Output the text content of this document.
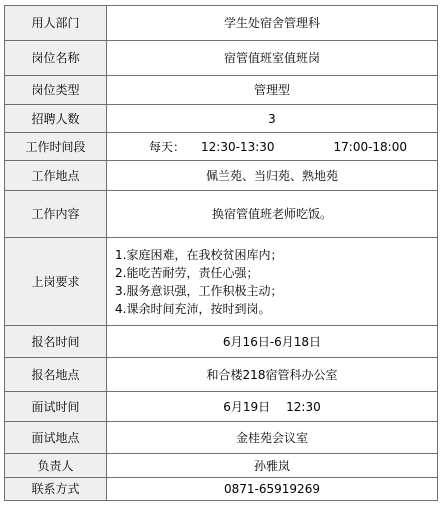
用人部门	学生处宿舍管理科
岗位名称	宿管值班室值班岗
岗位类型	管理型
招聘人数	3
工作时间段	每天： 12:30-13:30 17:00-18:00

工作地点	佩兰苑、当归苑、熟地苑
工作内容	换宿管值班老师吃饭。
上岗要求	1.家庭困难，在我校贫困库内；
2.能吃苦耐劳，责任心强；
3.服务意识强，工作积极主动；
4.课余时间充沛，按时到岗。

报名时间	6月16日-6月18日
报名地点	和合楼218宿管科办公室
面试时间	6月19日 12:30
面试地点	金桂苑会议室
负责人	孙雅岚
联系方式	0871-65919269
